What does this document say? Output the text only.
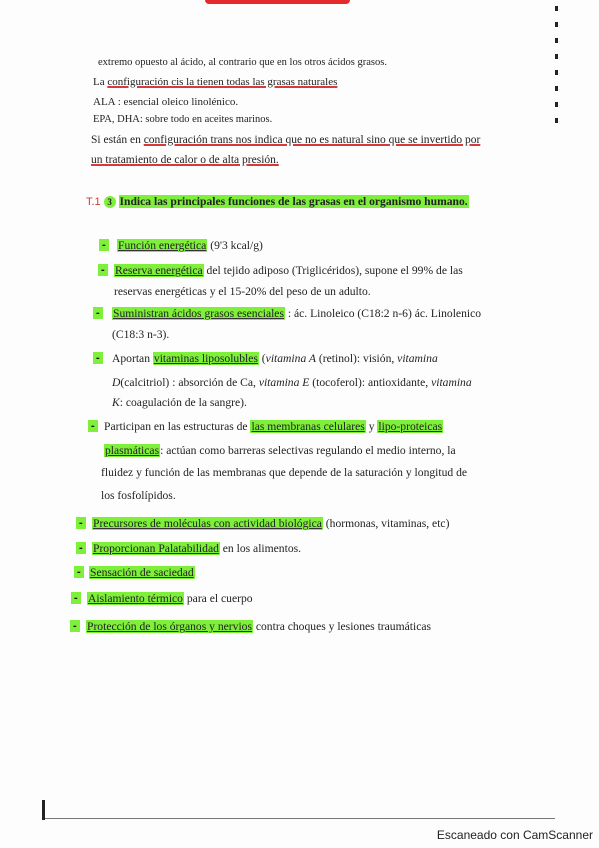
extremo opuesto al ácido, al contrario que en los otros ácidos grasos.
La configuración cis la tienen todas las grasas naturales
ALA : esencial oleico linolénico.
EPA, DHA: sobre todo en aceites marinos.
Si están en configuración trans nos indica que no es natural sino que se invertido por
un tratamiento de calor o de alta presión.
T.1 3 Indica las principales funciones de las grasas en el organismo humano.
- Función energética (9'3 kcal/g)
- Reserva energética del tejido adiposo (Triglicéridos), supone el 99% de las
reservas energéticas y el 15-20% del peso de un adulto.
- Suministran ácidos grasos esenciales : ác. Linoleico (C18:2 n-6) ác. Linolenico
(C18:3 n-3).
- Aportan vitaminas liposolubles (vitamina A (retinol): visión, vitamina
D(calcitriol) : absorción de Ca, vitamina E (tocoferol): antioxidante, vitamina
K: coagulación de la sangre).
- Participan en las estructuras de las membranas celulares y lipo-proteicas
plasmáticas: actúan como barreras selectivas regulando el medio interno, la
fluidez y función de las membranas que depende de la saturación y longitud de
los fosfolípidos.
- Precursores de moléculas con actividad biológica (hormonas, vitaminas, etc)
- Proporcionan Palatabilidad en los alimentos.
- Sensación de saciedad
- Aislamiento térmico para el cuerpo
- Protección de los órganos y nervios contra choques y lesiones traumáticas
Escaneado con CamScanner
